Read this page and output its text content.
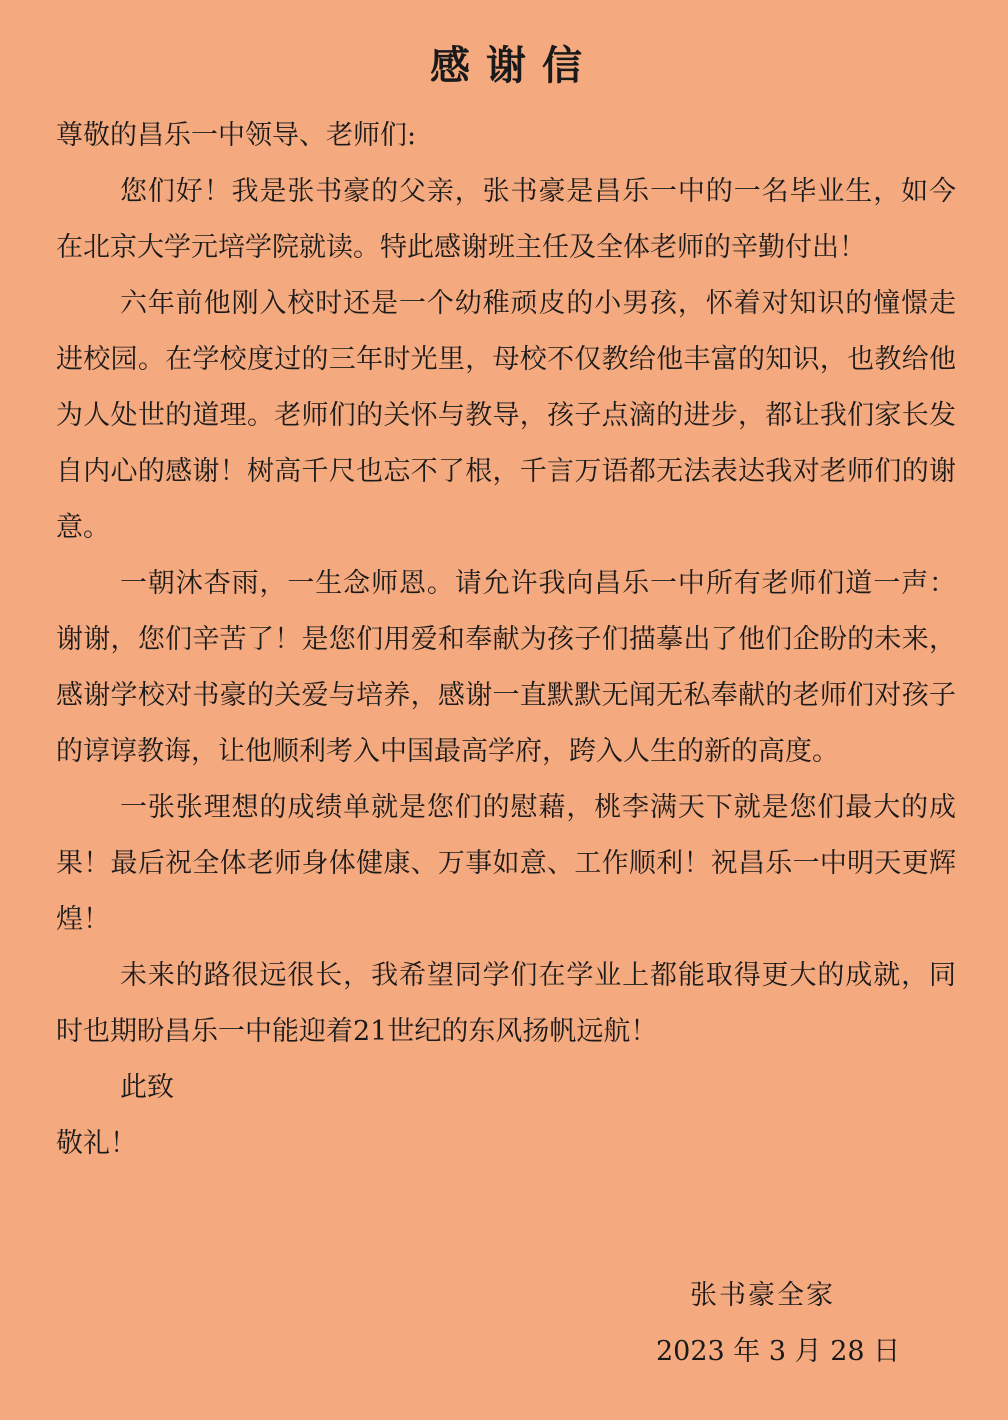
感谢信

尊敬的昌乐一中领导、老师们:

您们好！我是张书豪的父亲，张书豪是昌乐一中的一名毕业生，如今在北京大学元培学院就读。特此感谢班主任及全体老师的辛勤付出！

六年前他刚入校时还是一个幼稚顽皮的小男孩，怀着对知识的憧憬走进校园。在学校度过的三年时光里，母校不仅教给他丰富的知识，也教给他为人处世的道理。老师们的关怀与教导，孩子点滴的进步，都让我们家长发自内心的感谢！树高千尺也忘不了根，千言万语都无法表达我对老师们的谢意。

一朝沐杏雨，一生念师恩。请允许我向昌乐一中所有老师们道一声：谢谢，您们辛苦了！是您们用爱和奉献为孩子们描摹出了他们企盼的未来，感谢学校对书豪的关爱与培养，感谢一直默默无闻无私奉献的老师们对孩子的谆谆教诲，让他顺利考入中国最高学府，跨入人生的新的高度。

一张张理想的成绩单就是您们的慰藉，桃李满天下就是您们最大的成果！最后祝全体老师身体健康、万事如意、工作顺利！祝昌乐一中明天更辉煌！

未来的路很远很长，我希望同学们在学业上都能取得更大的成就，同时也期盼昌乐一中能迎着21世纪的东风扬帆远航！

此致

敬礼！

张书豪全家
2023 年 3 月 28 日
